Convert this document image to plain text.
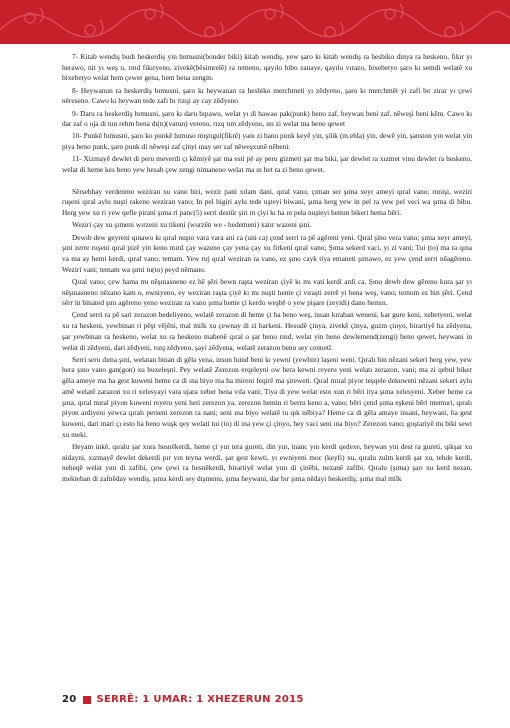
7- Kitab wendiş budi heskerdiş yin bımusni(bonder biki) kitab wendiş, yew şaro kı kitab wendiş ra hesbiko dinya ra heskeno, fikır yı herawo, nit yı weş o, rınd fikıryeno, zivekê(bêsimrelê) ra remeno, qayılo bibo zanaye, qayılo vırazo, bixebetyo şaro kı semdi welatê xu bixebetyo welat hem çewer gena, hem bena zengin.

8- Heywanun ra heskerdiş bımusni, şaro kı heywanan ra hesbiko merchmeti yı zêdyeno, şaro kı merchmêt yi zafi bo zirar yı çewi nêreseno. Cawo kı heywan tede zafi bı rizqi ay cay zêdyeno

9- Daru ra heskerdiş bımusni, şaro kı daru bıpawu, welat yı di hawao pak(punk) beno zaf, heywan beni zaf, nêweşi beni kêm. Cawo kı dar zaf o uja di tun rehm bena dı(n)(varun) vereno, rızq tım zêdyeno, ını zi welat ma beno qewet

10- Punkê bımusni, şaro ko punkê bımuso mıştıgul(fikrê) yanı zi bano punk keyê yin, şilik (m.ehla) yin, dewê yin, şanston yın welat yin piya beno punk, şaro punk di nêweşi zaf çinyi ınay ser zaf nêweşxunê nêbeni.

11- Xizmayê dewlet di peru meverdi çı kêmiyê şar ma esti pê ay peru gizmeti şar ma biki, şar dewlet ra xızmet vinu dewlet ra heskeno, welat di heme kes beno yew hesab çew zengi nimaneno welat ma ın het ra zi beno qewet.

Sêrsebhay verdenmo weziran xu vano biri, wezir pani xılam dani, qıral vano, çıman ser şıma xeyr ameyi qıral vano; runişi, weziri ruşeni qıral aylu nuşti rakeno weziran vano; In pel bigiri aylu tede uşteyi biwani, şıma herg yew in pel ra yew pel veci wa şıma di bibu. Herg yew xu ri yew qefle pirani şıma ri panc(5) serri destûr şiri ın çiyi kı ha ın pela nuşteyi hemın bikeri hema bêri.

Weziri çay xu şımeni wırzeni xu tikeni (wurzên we - hedemeni) xatır wazeni şıni.

Dewıb dew geyreni qınawo kı qıral nuşto vara vara ani ca (uni ca) çend serri ra pê agêreni yeni. Qıral şino vera vano; şıma xeyr ameyi, şıni zerre ruşeni qıral pizê yin keno mırd çay wazeno çay yena çay xu firkeni qıral vano; Şıma sekerd vaci, yı zi vani; Tui (to) ma ra qına va ma ay hemi kerdi, qıral vano; temam. Yew ruj qıral weziran ra vano, ez şıno cayk tiya emaneti şımawo, ez yew çend serri nêagêreno. Weziri vani; temam wa şımi tu(to) peyd nêmano.

Qıral vano; çew hama mı nêşınasneno ez hê şêri bewn raşta weziran çiyê kı mı vati kerdi ardi ca. Şıno dewb dew gêreno kura şar yı nêşınasneno nêzano kam o, ewniyeno, ey weziran raşta çiyê kı mı nuşti heme çi vıraşti zerrê yi bena weş, vano; temom ez hin şêri. Çend sêrr in binated şını agêreno yeno weziran ra vano şıma heme çi kerdo weşbê o yew pişare (zeyidi) dano hemın.

Çend serri ra pê sari zerazon bedeliyeno, welatê zerazon di heme çi ha beno weş, insan kıraban weneni, kar gure keni, xebetyeni, welat xu ra heskeni, yewbinan ri pêşt vêjêni, mal milk xu çewnay di zi barkeni. Hesudê çinya, zivekê çinya, guzm çinyo, birartiyê ha zêdyena, şar yewbinan ra heskeno, welat xu ra heskeno mabenê qıral o şar beno rınd, welat yin beno dewlemend(zengi) beno qewet, heywani in welat di zêdyeni, dari zêdyeni, rızq zêdyeno, şayi zêdyena, welatê zerazon beno sey cennetî.

Serri seru dıma şıni, welatan binan di gêla yena, insun hund beni kı yewni (yewbin) laşeni weni. Qıralı hin nêzani sekeri herg yew, yew hera şıno vano gan(gon) xu buxeleşni. Pey welatê Zerezon erqeleyni ow hera kewni reyeru yeni welatı zerazon, vani; ma zi qebul biker gêla ameye ma ha gest kuweni heme ca di ına biyo ma ha mireni feqirê ma şireweti. Qıral mıral piyor teşqele dekuweni nêzani sekeri aylu amê welatê zarazon xu ri xelesyayi vara ujara xeber bena vıla vani; Tiya di yew welat esto xun ri bêri itya şıma xelesyeni. Xeber heme ca şına, qıral mıral piyon kuweni reyeru yeni heti zerezon ya, zerezon hemin ri berru keno a, vano; bêri çend şıma eşkeni bêri memuri, qıralı piyon ardiyeni yewca qıralı perseni zerezon ra nani; seni ına biyo welatê tu qık nêbiya? Heme ca di gêla amaye insani, heywani, ha gest kuweni, dari mari çı esto ha beno wuşk qey welati tui (to) di ına yew çi çinyo, hey vaci seni ına biyo? Zerezon vano; goştariyê mı biki sewt xu meki.

Heyam inkê, qıralu şar xura hesnêkerdi, heme çi yın tera gureti, din yın, inanc yın kerdi qedexe, heywan yin dest ra gureti, qıkşar xu nidayni, xızmayê dewlet dekerdi pır yın teyna werdi, şar gest kewti, yı ewniyeni moc (keyfi) xu, qıralu zulm kerdi şar xu, tehde kerdi, neheqê welat yını di zafibi, çew çewi ra hesnêkerdi, birartiyê welat yını di çinêbi, nezanê zafibi. Qıralu (şıma) şarı xu kerd nezan, mekteban di zafnêday wendiş, şıma kerdi sey dışmenu, şıma heywani, dar bır şıma nêdayi heskerdiş, şıma mal milk

20 SERRÊ: 1 UMAR: 1 XHEZERUN 2015
